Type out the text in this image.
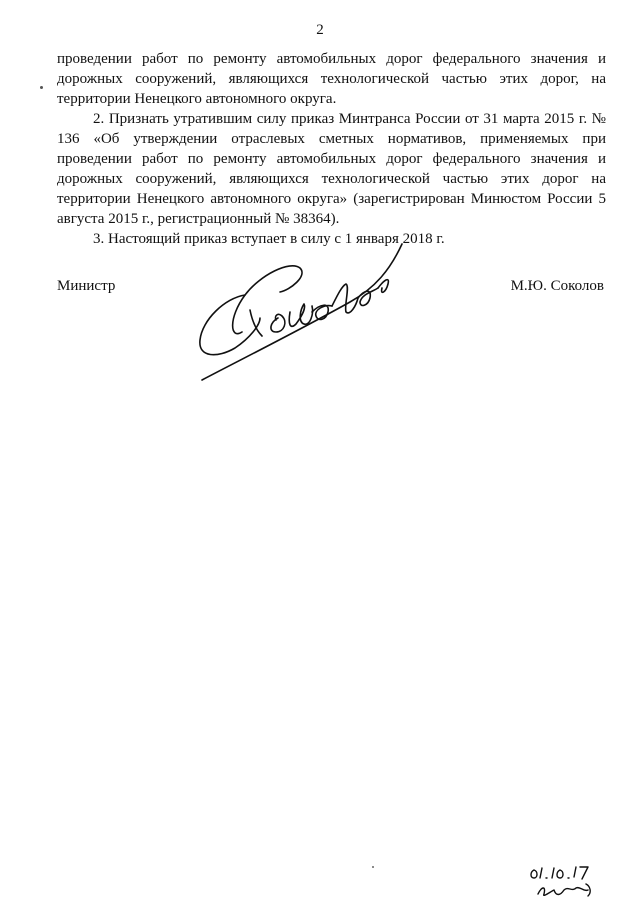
2

проведении работ по ремонту автомобильных дорог федерального значения и дорожных сооружений, являющихся технологической частью этих дорог, на территории Ненецкого автономного округа.

2. Признать утратившим силу приказ Минтранса России от 31 марта 2015 г. № 136 «Об утверждении отраслевых сметных нормативов, применяемых при проведении работ по ремонту автомобильных дорог федерального значения и дорожных сооружений, являющихся технологической частью этих дорог на территории Ненецкого автономного округа» (зарегистрирован Минюстом России 5 августа 2015 г., регистрационный № 38364).

3. Настоящий приказ вступает в силу с 1 января 2018 г.

Министр	М.Ю. Соколов
